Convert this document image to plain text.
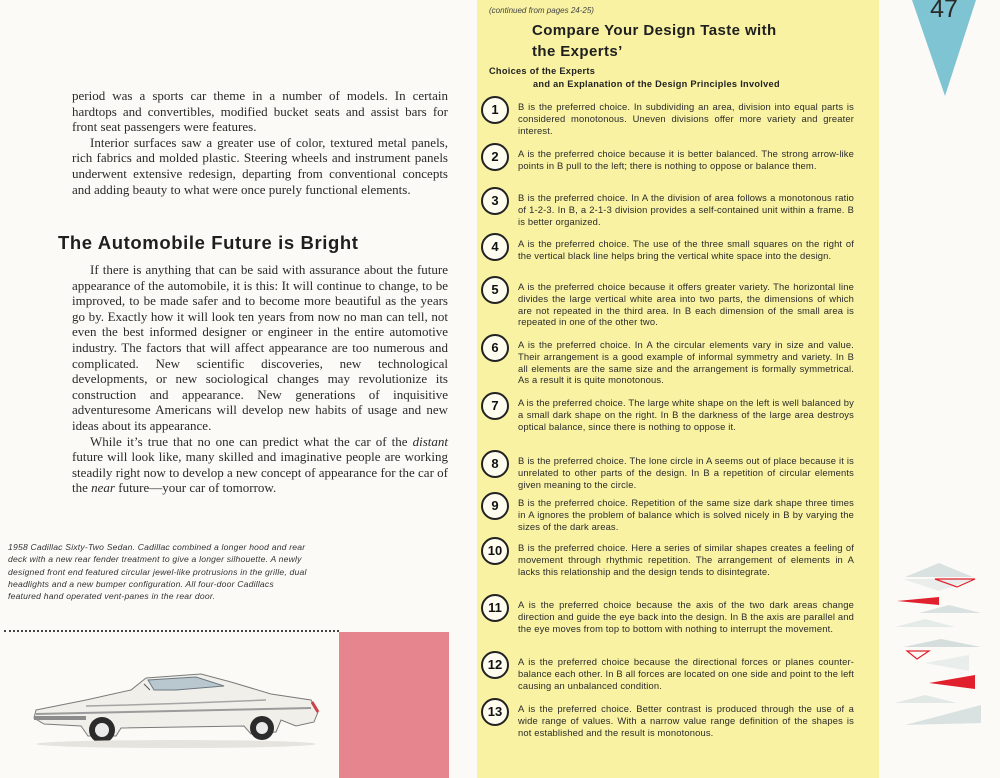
period was a sports car theme in a number of models. In certain hardtops and convertibles, modified bucket seats and assist bars for front seat passengers were features.

Interior surfaces saw a greater use of color, textured metal panels, rich fabrics and molded plastic. Steering wheels and instrument panels underwent extensive redesign, departing from conventional concepts and adding beauty to what were once purely functional elements.

The Automobile Future is Bright

If there is anything that can be said with assurance about the future appearance of the automobile, it is this: It will continue to change, to be improved, to be made safer and to become more beautiful as the years go by. Exactly how it will look ten years from now no man can tell, not even the best informed designer or engineer in the entire automotive industry. The factors that will affect appearance are too numerous and complicated. New scientific discoveries, new technological developments, or new sociological changes may revolutionize its construction and appearance. New generations of inquisitive adventuresome Americans will develop new habits of usage and new ideas about its appearance.

While it’s true that no one can predict what the car of the distant future will look like, many skilled and imaginative people are working steadily right now to develop a new concept of appearance for the car of the near future—your car of tomorrow.

1958 Cadillac Sixty-Two Sedan. Cadillac combined a longer hood and rear deck with a new rear fender treatment to give a longer silhouette. A newly designed front end featured circular jewel-like protrusions in the grille, dual headlights and a new bumper configuration. All four-door Cadillacs featured hand operated vent-panes in the rear door.

(continued from pages 24-25)

Compare Your Design Taste with the Experts’

Choices of the Experts
and an Explanation of the Design Principles Involved

1	B is the preferred choice. In subdividing an area, division into equal parts is considered monotonous. Uneven divisions offer more variety and greater interest.

2	A is the preferred choice because it is better balanced. The strong arrow-like points in B pull to the left; there is nothing to oppose or balance them.

3	B is the preferred choice. In A the division of area follows a monotonous ratio of 1-2-3. In B, a 2-1-3 division provides a self-contained unit within a frame. B is better organized.

4	A is the preferred choice. The use of the three small squares on the right of the vertical black line helps bring the vertical white space into the design.

5	A is the preferred choice because it offers greater variety. The horizontal line divides the large vertical white area into two parts, the dimensions of which are not repeated in the third area. In B each dimension of the small area is repeated in one of the other two.

6	A is the preferred choice. In A the circular elements vary in size and value. Their arrangement is a good example of informal symmetry and variety. In B all elements are the same size and the arrangement is formally symmetrical. As a result it is quite monotonous.

7	A is the preferred choice. The large white shape on the left is well balanced by a small dark shape on the right. In B the darkness of the large area destroys optical balance, since there is nothing to oppose it.

8	B is the preferred choice. The lone circle in A seems out of place because it is unrelated to other parts of the design. In B a repetition of circular elements given meaning to the circle.

9	B is the preferred choice. Repetition of the same size dark shape three times in A ignores the problem of balance which is solved nicely in B by varying the sizes of the dark areas.

10	B is the preferred choice. Here a series of similar shapes creates a feeling of movement through rhythmic repetition. The arrangement of elements in A lacks this relationship and the design tends to disintegrate.

11	A is the preferred choice because the axis of the two dark areas change direction and guide the eye back into the design. In B the axis are parallel and the eye moves from top to bottom with nothing to interrupt the movement.

12	A is the preferred choice because the directional forces or planes counter-balance each other. In B all forces are located on one side and point to the left causing an unbalanced condition.

13	A is the preferred choice. Better contrast is produced through the use of a wide range of values. With a narrow value range definition of the shapes is not established and the result is monotonous.

47
